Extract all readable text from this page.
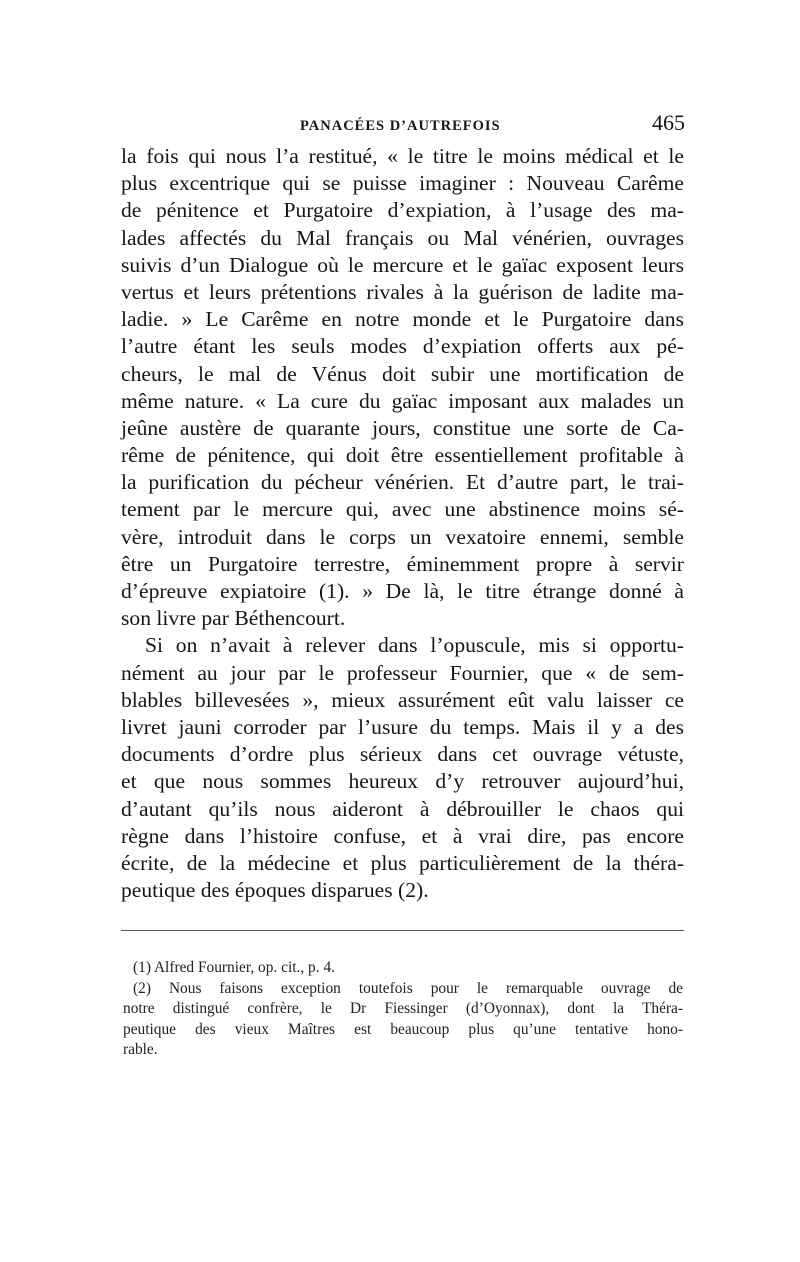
PANACÉES D’AUTREFOIS	465
la fois qui nous l’a restitué, « le titre le moins médical et le
plus excentrique qui se puisse imaginer : Nouveau Carême
de pénitence et Purgatoire d’expiation, à l’usage des ma-
lades affectés du Mal français ou Mal vénérien, ouvrages
suivis d’un Dialogue où le mercure et le gaïac exposent leurs
vertus et leurs prétentions rivales à la guérison de ladite ma-
ladie. » Le Carême en notre monde et le Purgatoire dans
l’autre étant les seuls modes d’expiation offerts aux pé-
cheurs, le mal de Vénus doit subir une mortification de
même nature. « La cure du gaïac imposant aux malades un
jeûne austère de quarante jours, constitue une sorte de Ca-
rême de pénitence, qui doit être essentiellement profitable à
la purification du pécheur vénérien. Et d’autre part, le trai-
tement par le mercure qui, avec une abstinence moins sé-
vère, introduit dans le corps un vexatoire ennemi, semble
être un Purgatoire terrestre, éminemment propre à servir
d’épreuve expiatoire (1). » De là, le titre étrange donné à
son livre par Béthencourt.
Si on n’avait à relever dans l’opuscule, mis si opportu-
nément au jour par le professeur Fournier, que « de sem-
blables billevesées », mieux assurément eût valu laisser ce
livret jauni corroder par l’usure du temps. Mais il y a des
documents d’ordre plus sérieux dans cet ouvrage vétuste,
et que nous sommes heureux d’y retrouver aujourd’hui,
d’autant qu’ils nous aideront à débrouiller le chaos qui
règne dans l’histoire confuse, et à vrai dire, pas encore
écrite, de la médecine et plus particulièrement de la théra-
peutique des époques disparues (2).
(1) Alfred Fournier, op. cit., p. 4.
(2) Nous faisons exception toutefois pour le remarquable ouvrage de
notre distingué confrère, le Dr Fiessinger (d’Oyonnax), dont la Théra-
peutique des vieux Maîtres est beaucoup plus qu’une tentative hono-
rable.
